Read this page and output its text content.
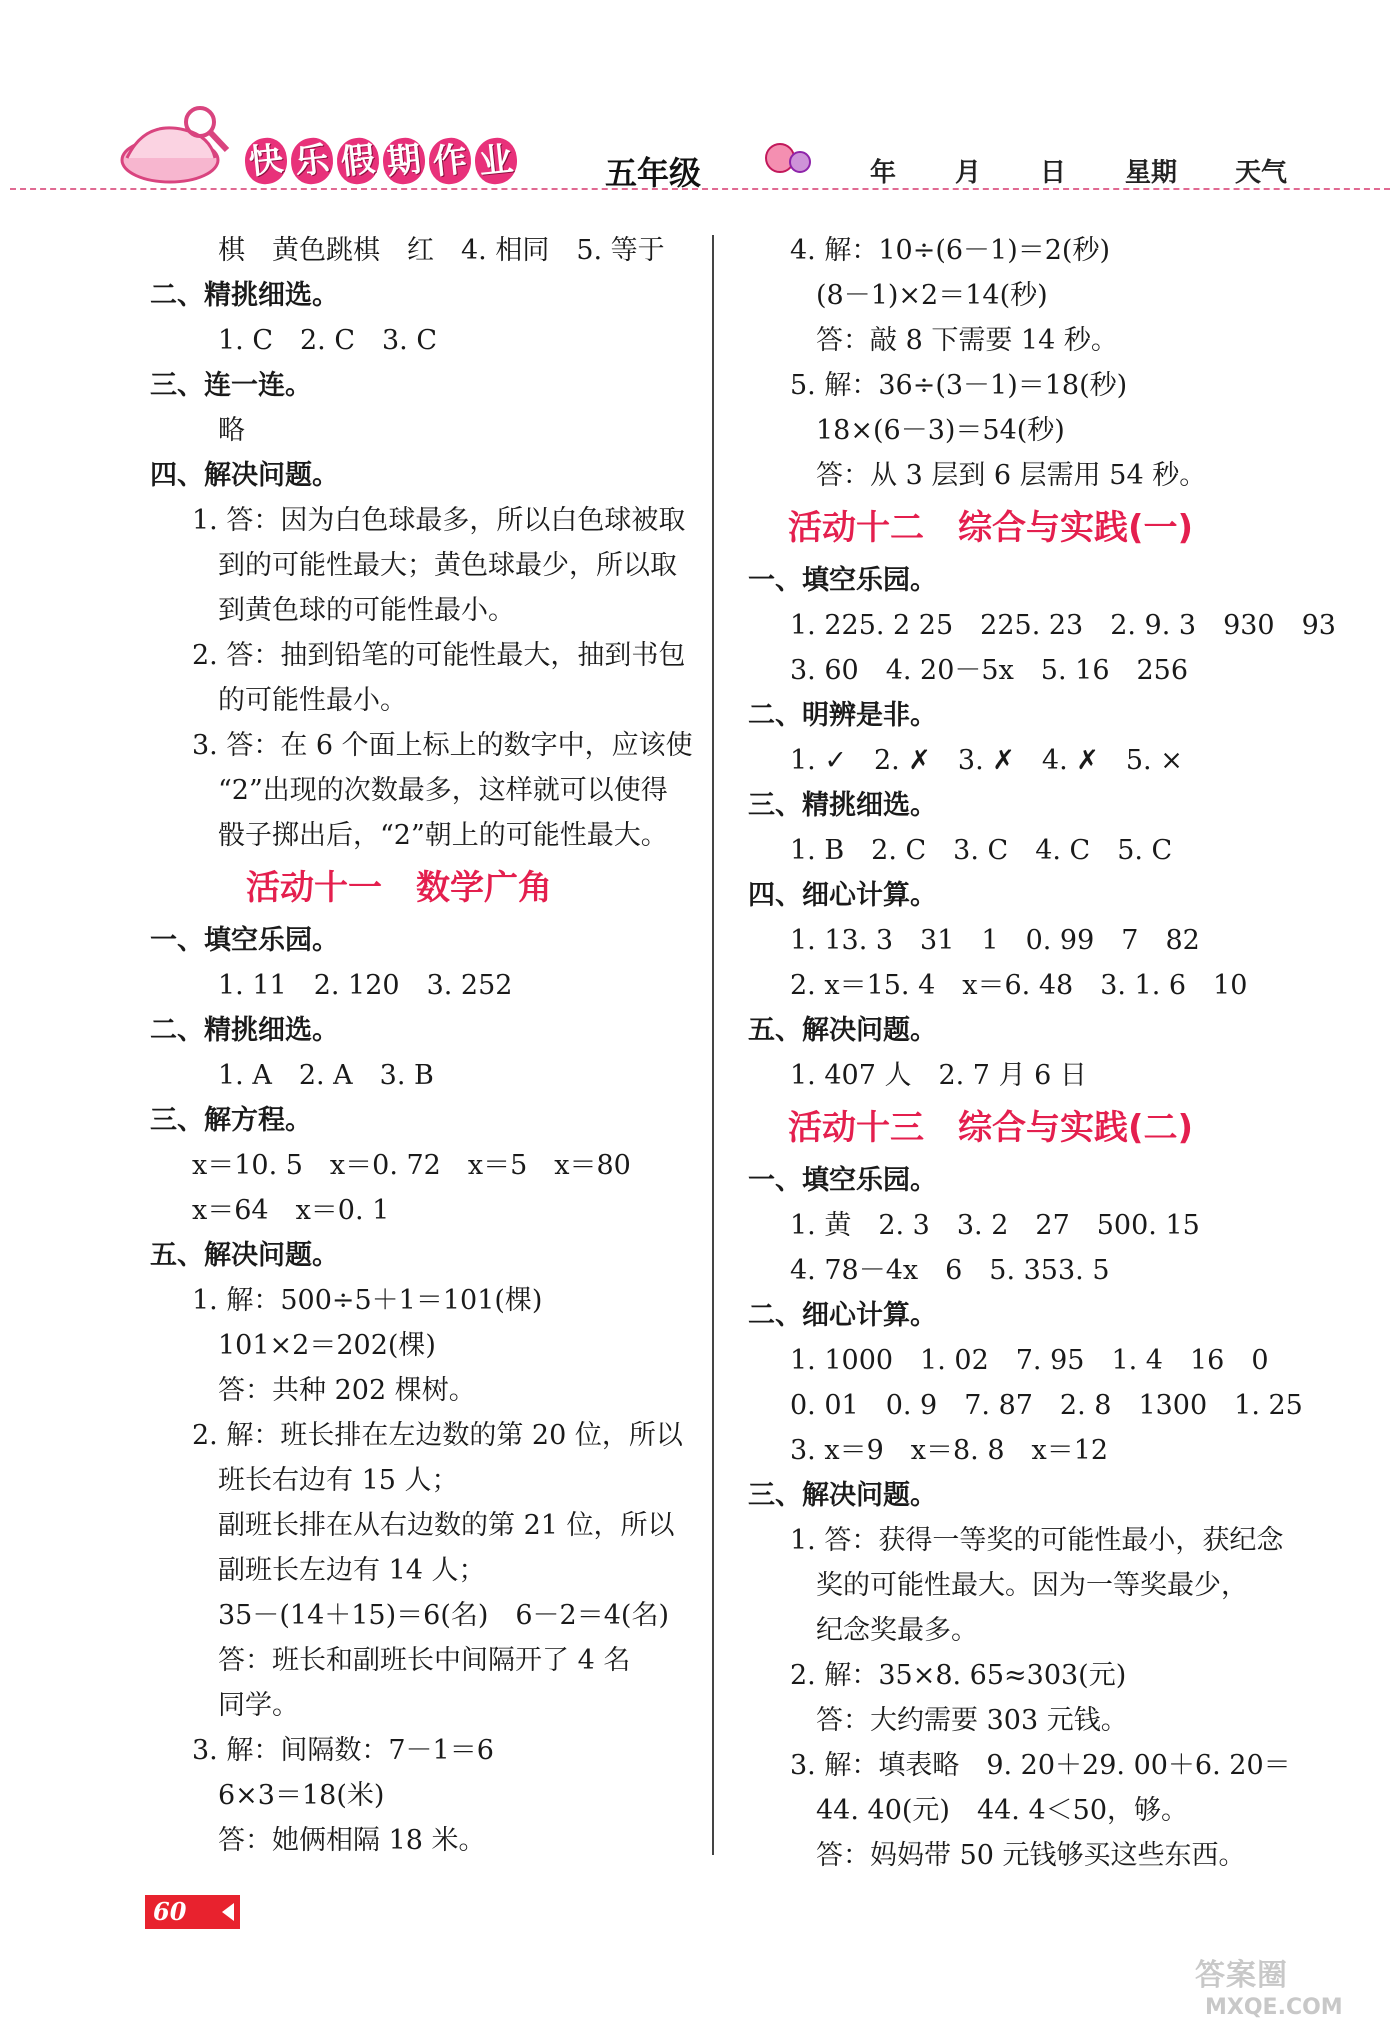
快 乐 假 期 作 业	五年级	年 月 日 星期 天气
棋　黄色跳棋　红　4. 相同　5. 等于
二、精挑细选。
1. C　2. C　3. C
三、连一连。
略
四、解决问题。
1. 答：因为白色球最多，所以白色球被取
到的可能性最大；黄色球最少，所以取
到黄色球的可能性最小。
2. 答：抽到铅笔的可能性最大，抽到书包
的可能性最小。
3. 答：在 6 个面上标上的数字中，应该使
“2”出现的次数最多，这样就可以使得
骰子掷出后，“2”朝上的可能性最大。
活动十一　数学广角
一、填空乐园。
1. 11　2. 120　3. 252
二、精挑细选。
1. A　2. A　3. B
三、解方程。
x＝10. 5　x＝0. 72　x＝5　x＝80
x＝64　x＝0. 1
五、解决问题。
1. 解：500÷5＋1＝101(棵)
101×2＝202(棵)
答：共种 202 棵树。
2. 解：班长排在左边数的第 20 位，所以
班长右边有 15 人；
副班长排在从右边数的第 21 位，所以
副班长左边有 14 人；
35－(14＋15)＝6(名)　6－2＝4(名)
答：班长和副班长中间隔开了 4 名
同学。
3. 解：间隔数：7－1＝6
6×3＝18(米)
答：她俩相隔 18 米。
4. 解：10÷(6－1)＝2(秒)
(8－1)×2＝14(秒)
答：敲 8 下需要 14 秒。
5. 解：36÷(3－1)＝18(秒)
18×(6－3)＝54(秒)
答：从 3 层到 6 层需用 54 秒。
活动十二　综合与实践(一)
一、填空乐园。
1. 225. 2 25　225. 23　2. 9. 3　930　93
3. 60　4. 20－5x　5. 16　256
二、明辨是非。
1. ✓　2. ✗　3. ✗　4. ✗　5. ×
三、精挑细选。
1. B　2. C　3. C　4. C　5. C
四、细心计算。
1. 13. 3　31　1　0. 99　7　82
2. x＝15. 4　x＝6. 48　3. 1. 6　10
五、解决问题。
1. 407 人　2. 7 月 6 日
活动十三　综合与实践(二)
一、填空乐园。
1. 黄　2. 3　3. 2　27　500. 15
4. 78－4x　6　5. 353. 5
二、细心计算。
1. 1000　1. 02　7. 95　1. 4　16　0
0. 01　0. 9　7. 87　2. 8　1300　1. 25
3. x＝9　x＝8. 8　x＝12
三、解决问题。
1. 答：获得一等奖的可能性最小，获纪念
奖的可能性最大。因为一等奖最少，
纪念奖最多。
2. 解：35×8. 65≈303(元)
答：大约需要 303 元钱。
3. 解：填表略　9. 20＋29. 00＋6. 20＝
44. 40(元)　44. 4＜50，够。
答：妈妈带 50 元钱够买这些东西。
60
答案圈
MXQE.COM
